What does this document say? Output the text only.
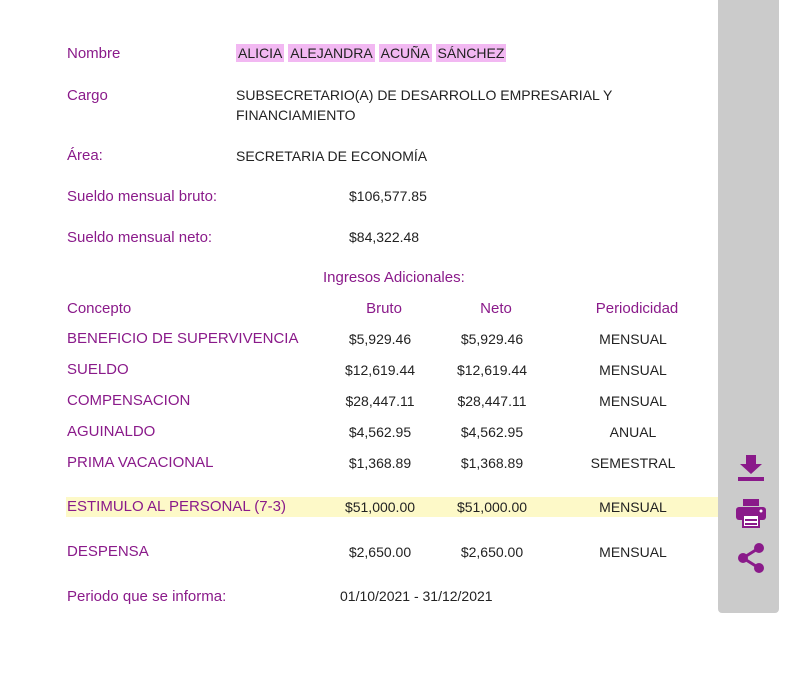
Nombre	ALICIA ALEJANDRA ACUÑA SÁNCHEZ
Cargo	SUBSECRETARIO(A) DE DESARROLLO EMPRESARIAL Y
FINANCIAMIENTO
Área:	SECRETARIA DE ECONOMÍA
Sueldo mensual bruto:	$106,577.85
Sueldo mensual neto:	$84,322.48
Ingresos Adicionales:
Concepto	Bruto	Neto	Periodicidad
BENEFICIO DE SUPERVIVENCIA	$5,929.46	$5,929.46	MENSUAL
SUELDO	$12,619.44	$12,619.44	MENSUAL
COMPENSACION	$28,447.11	$28,447.11	MENSUAL
AGUINALDO	$4,562.95	$4,562.95	ANUAL
PRIMA VACACIONAL	$1,368.89	$1,368.89	SEMESTRAL
ESTIMULO AL PERSONAL (7-3)	$51,000.00	$51,000.00	MENSUAL
DESPENSA	$2,650.00	$2,650.00	MENSUAL
Periodo que se informa:	01/10/2021 - 31/12/2021
